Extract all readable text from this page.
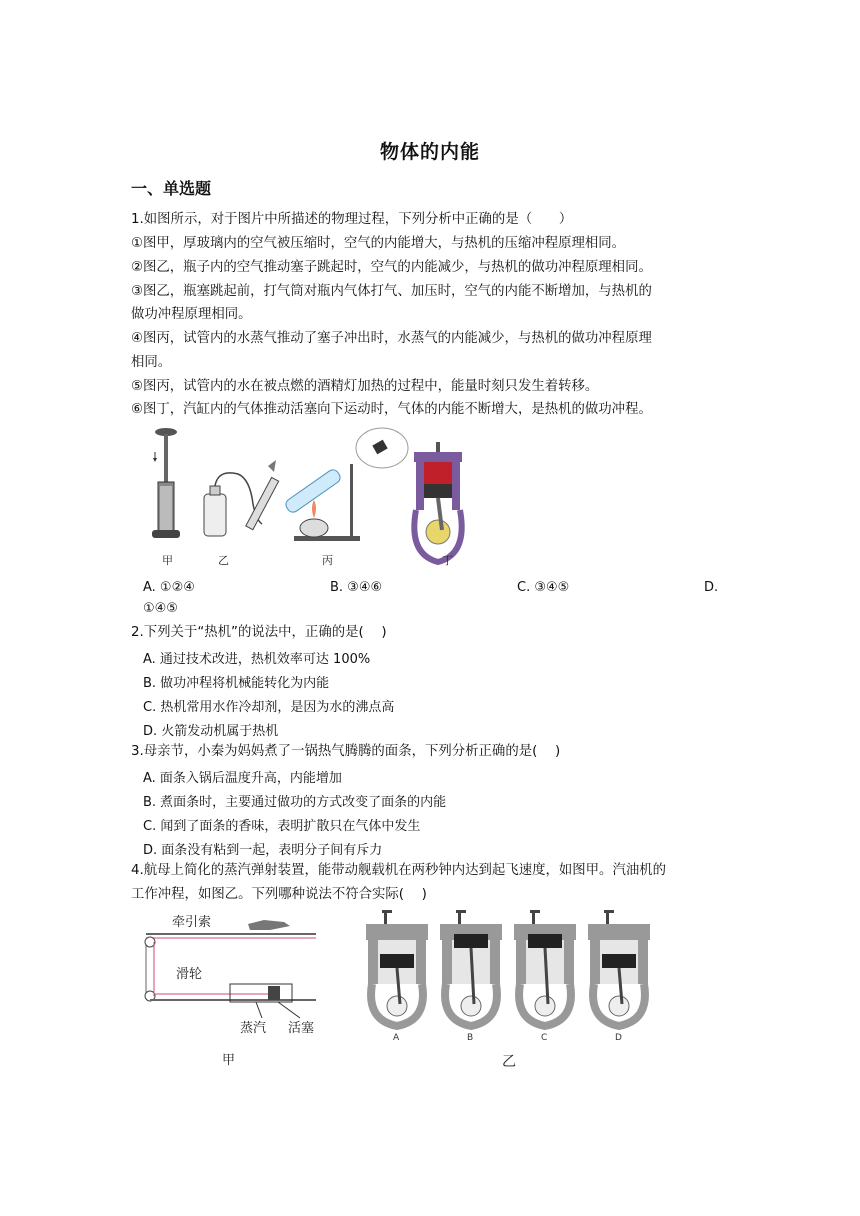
物体的内能
一、单选题
1.如图所示，对于图片中所描述的物理过程，下列分析中正确的是（　　）
①图甲，厚玻璃内的空气被压缩时，空气的内能增大，与热机的压缩冲程原理相同。
②图乙，瓶子内的空气推动塞子跳起时，空气的内能减少，与热机的做功冲程原理相同。
③图乙，瓶塞跳起前，打气筒对瓶内气体打气、加压时，空气的内能不断增加，与热机的
做功冲程原理相同。
④图丙，试管内的水蒸气推动了塞子冲出时，水蒸气的内能减少，与热机的做功冲程原理
相同。
⑤图丙，试管内的水在被点燃的酒精灯加热的过程中，能量时刻只发生着转移。
⑥图丁，汽缸内的气体推动活塞向下运动时，气体的内能不断增大，是热机的做功冲程。
甲	乙	丙	丁
A. ①②④	B. ③④⑥	C. ③④⑤	D.
①④⑤
2.下列关于“热机”的说法中，正确的是(　 )
A. 通过技术改进，热机效率可达 100%
B. 做功冲程将机械能转化为内能
C. 热机常用水作冷却剂，是因为水的沸点高
D. 火箭发动机属于热机
3.母亲节，小秦为妈妈煮了一锅热气腾腾的面条，下列分析正确的是(　 )
A. 面条入锅后温度升高，内能增加
B. 煮面条时，主要通过做功的方式改变了面条的内能
C. 闻到了面条的香味，表明扩散只在气体中发生
D. 面条没有粘到一起，表明分子间有斥力
4.航母上简化的蒸汽弹射装置，能带动舰载机在两秒钟内达到起飞速度，如图甲。汽油机的
工作冲程，如图乙。下列哪种说法不符合实际(　 )
牵引索
滑轮
蒸汽 活塞
甲	乙
A	B	C	D
